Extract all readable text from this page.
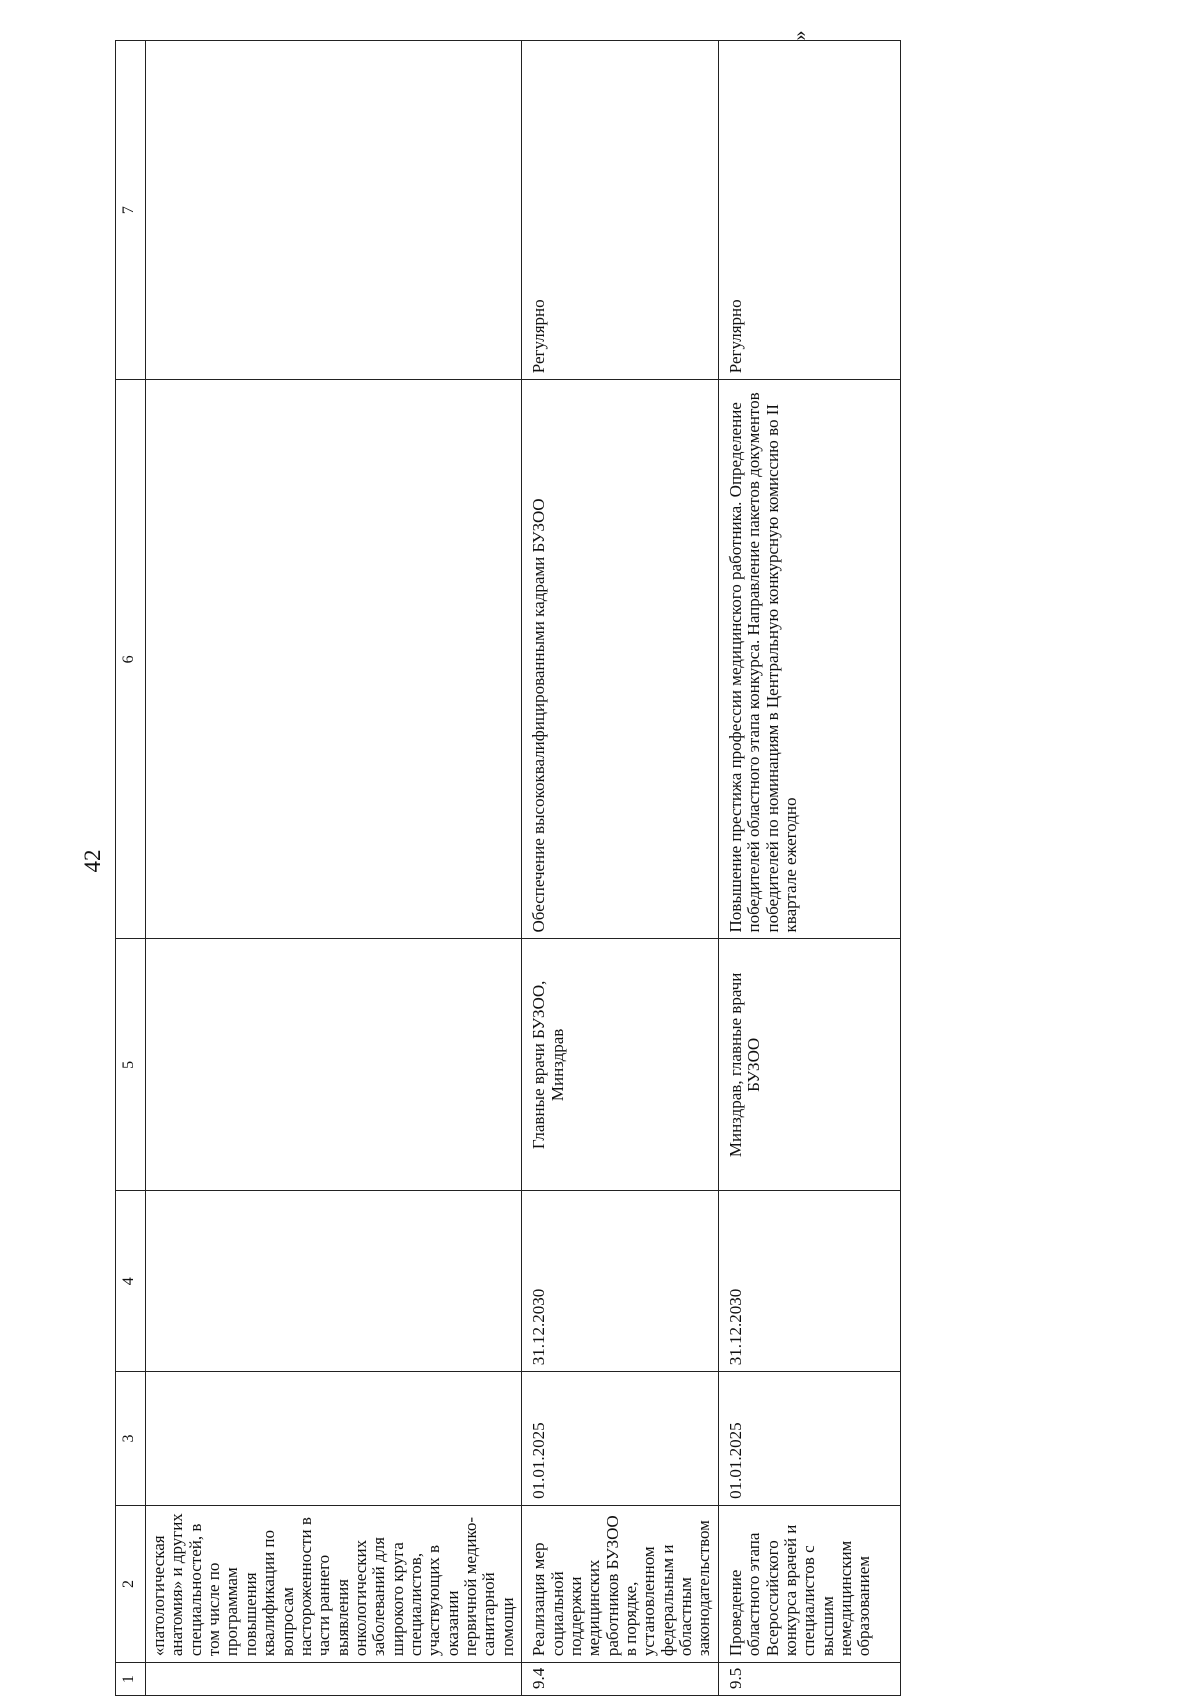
42
»
1	2	3	4	5	6	7
	«патологическая анатомия» и других специальностей, в том числе по программам повышения квалификации по вопросам настороженности в части раннего выявления онкологических заболеваний для широкого круга специалистов, участвующих в оказании первичной медико-санитарной помощи					
9.4	Реализация мер социальной поддержки медицинских работников БУЗОО в порядке, установленном федеральным и областным законодательством	01.01.2025	31.12.2030	Главные врачи БУЗОО, Минздрав	Обеспечение высококвалифицированными кадрами БУЗОО	Регулярно
9.5	Проведение областного этапа Всероссийского конкурса врачей и специалистов с высшим немедицинским образованием	01.01.2025	31.12.2030	Минздрав, главные врачи БУЗОО	Повышение престижа профессии медицинского работника. Определение победителей областного этапа конкурса. Направление пакетов документов победителей по номинациям в Центральную конкурсную комиссию во II квартале ежегодно	Регулярно
